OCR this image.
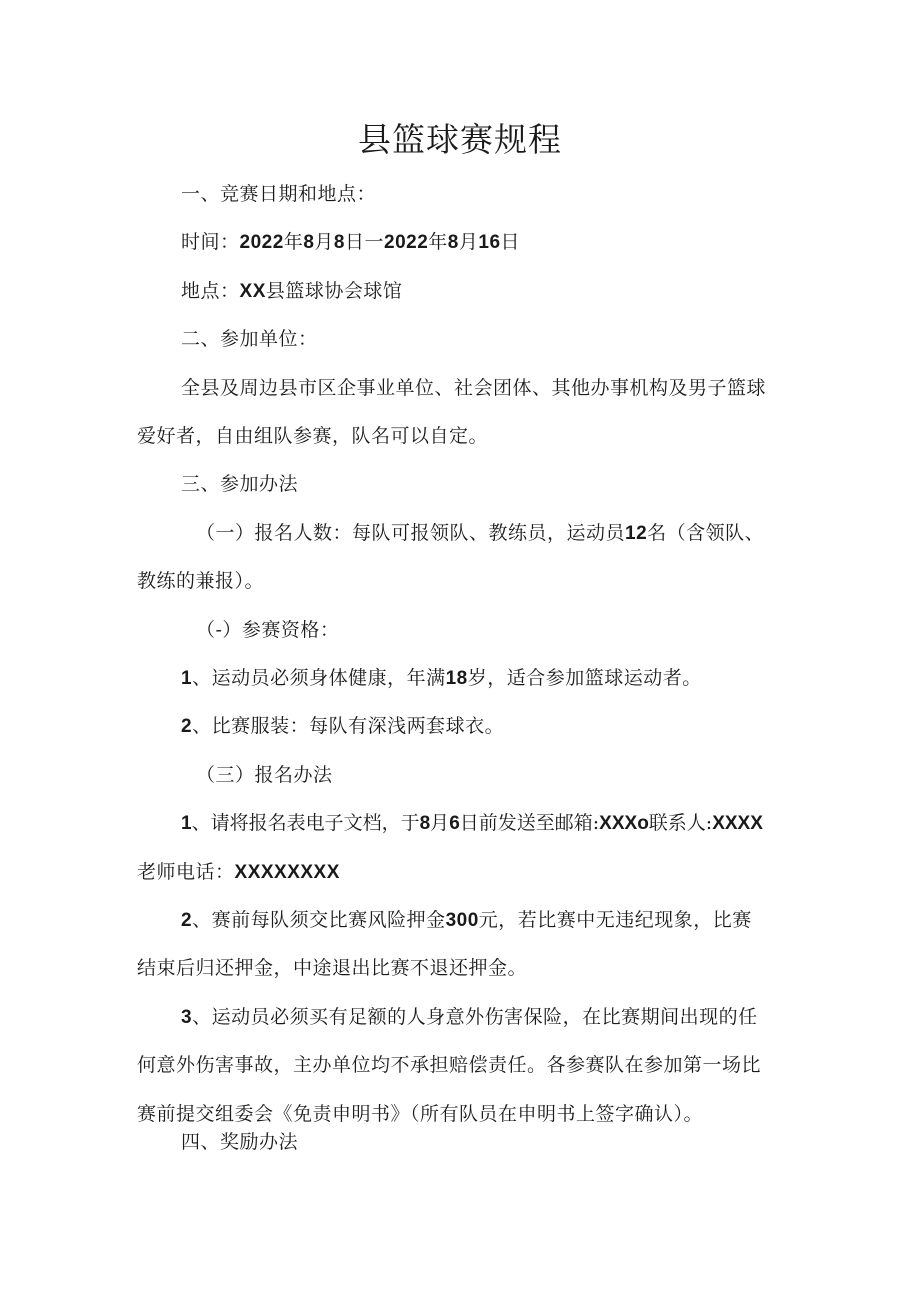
县篮球赛规程
一、竞赛日期和地点：
时间：2022年8月8日一2022年8月16日
地点：XX县篮球协会球馆
二、参加单位：
全县及周边县市区企事业单位、社会团体、其他办事机构及男子篮球
爱好者，自由组队参赛，队名可以自定。
三、参加办法
（一）报名人数：每队可报领队、教练员，运动员12名（含领队、
教练的兼报）。
（-）参赛资格：
1、运动员必须身体健康，年满18岁，适合参加篮球运动者。
2、比赛服装：每队有深浅两套球衣。
（三）报名办法
1、请将报名表电子文档，于8月6日前发送至邮箱:XXXo联系人:XXXX
老师电话：XXXXXXXX
2、赛前每队须交比赛风险押金300元，若比赛中无违纪现象，比赛
结束后归还押金，中途退出比赛不退还押金。
3、运动员必须买有足额的人身意外伤害保险，在比赛期间出现的任
何意外伤害事故，主办单位均不承担赔偿责任。各参赛队在参加第一场比
赛前提交组委会《免责申明书》（所有队员在申明书上签字确认）。
四、奖励办法
